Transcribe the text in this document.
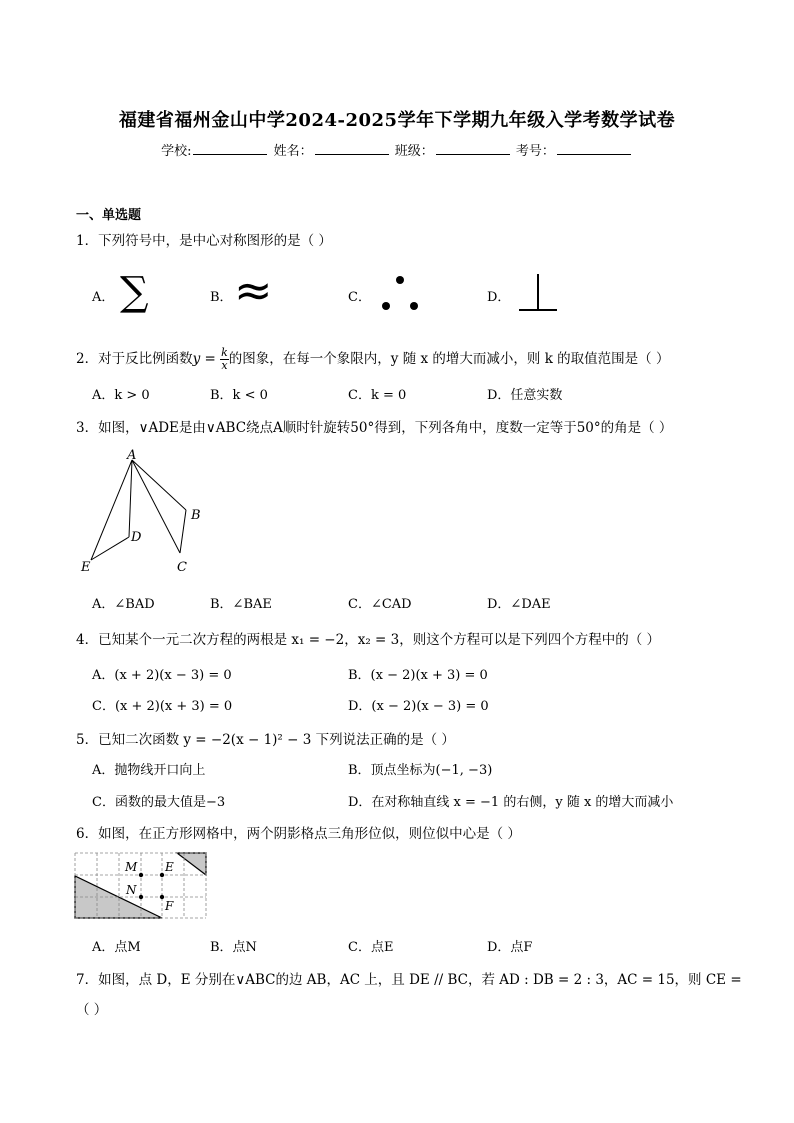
福建省福州金山中学2024-2025学年下学期九年级入学考数学试卷
学校:	姓名：	班级：	考号：
一、单选题
1．下列符号中，是中心对称图形的是（ ）
A． ∑	B． ≈	C．	D．
2．对于反比例函数$y = \frac{k}{x}$ 的图象，在每一个象限内，y 随 x 的增大而减小，则 k 的取值范围是（ ）
A．k > 0	B．k < 0	C．k = 0	D．任意实数
3．如图，∨ADE是由∨ABC绕点A顺时针旋转50°得到，下列各角中，度数一定等于50°的角是（ ）
A
B
C
D
E
A．∠BAD	B．∠BAE	C．∠CAD	D．∠DAE
4．已知某个一元二次方程的两根是 x₁ = −2，x₂ = 3，则这个方程可以是下列四个方程中的（ ）
A．(x + 2)(x − 3) = 0	B．(x − 2)(x + 3) = 0
C．(x + 2)(x + 3) = 0	D．(x − 2)(x − 3) = 0
5．已知二次函数 y = −2(x − 1)² − 3 下列说法正确的是（ ）
A．抛物线开口向上	B．顶点坐标为(−1, −3)
C．函数的最大值是−3	D．在对称轴直线 x = −1 的右侧，y 随 x 的增大而减小
6．如图，在正方形网格中，两个阴影格点三角形位似，则位似中心是（ ）
M
N
E
F
A．点M	B．点N	C．点E	D．点F
7．如图，点 D，E 分别在∨ABC的边 AB，AC 上，且 DE // BC，若 AD : DB = 2 : 3，AC = 15，则 CE =
（ ）
